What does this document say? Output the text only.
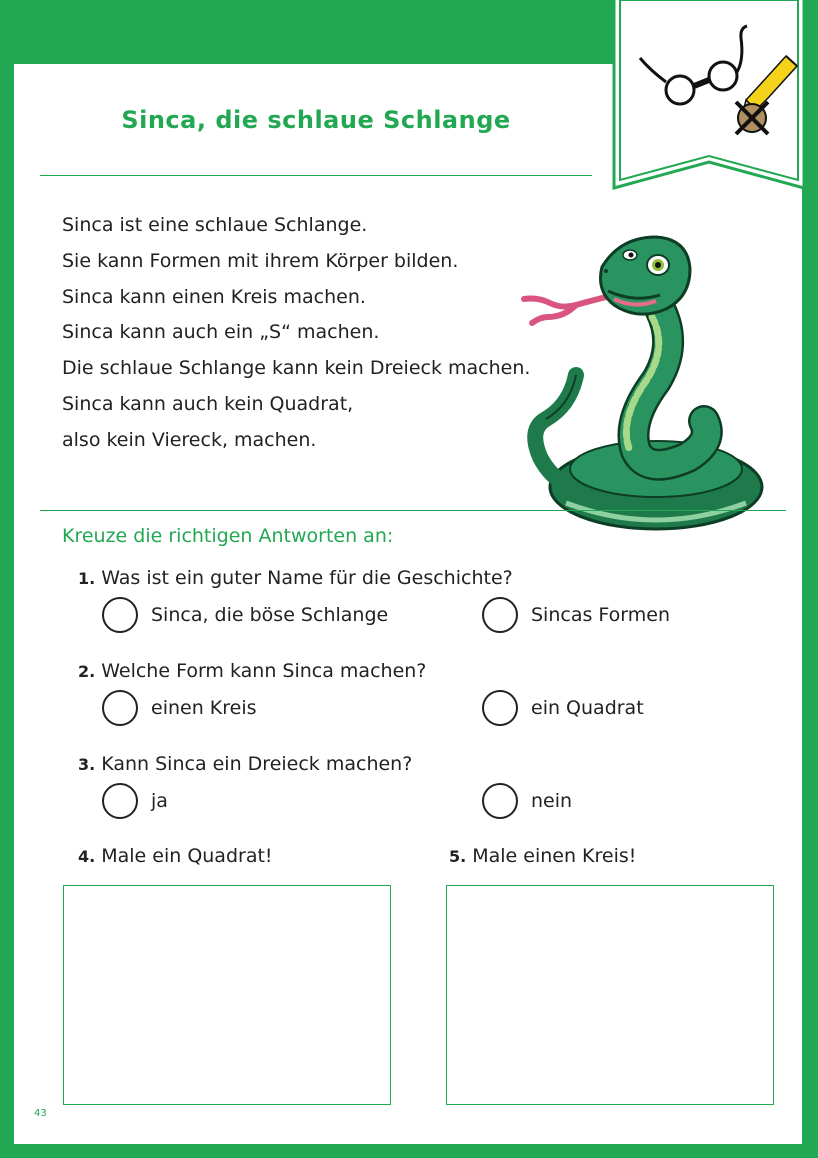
Sinca, die schlaue Schlange
Sinca ist eine schlaue Schlange.
Sie kann Formen mit ihrem Körper bilden.
Sinca kann einen Kreis machen.
Sinca kann auch ein „S“ machen.
Die schlaue Schlange kann kein Dreieck machen.
Sinca kann auch kein Quadrat,
also kein Viereck, machen.
Kreuze die richtigen Antworten an:
1. Was ist ein guter Name für die Geschichte?
Sinca, die böse Schlange	Sincas Formen
2. Welche Form kann Sinca machen?
einen Kreis	ein Quadrat
3. Kann Sinca ein Dreieck machen?
ja	nein
4. Male ein Quadrat!	5. Male einen Kreis!
43
